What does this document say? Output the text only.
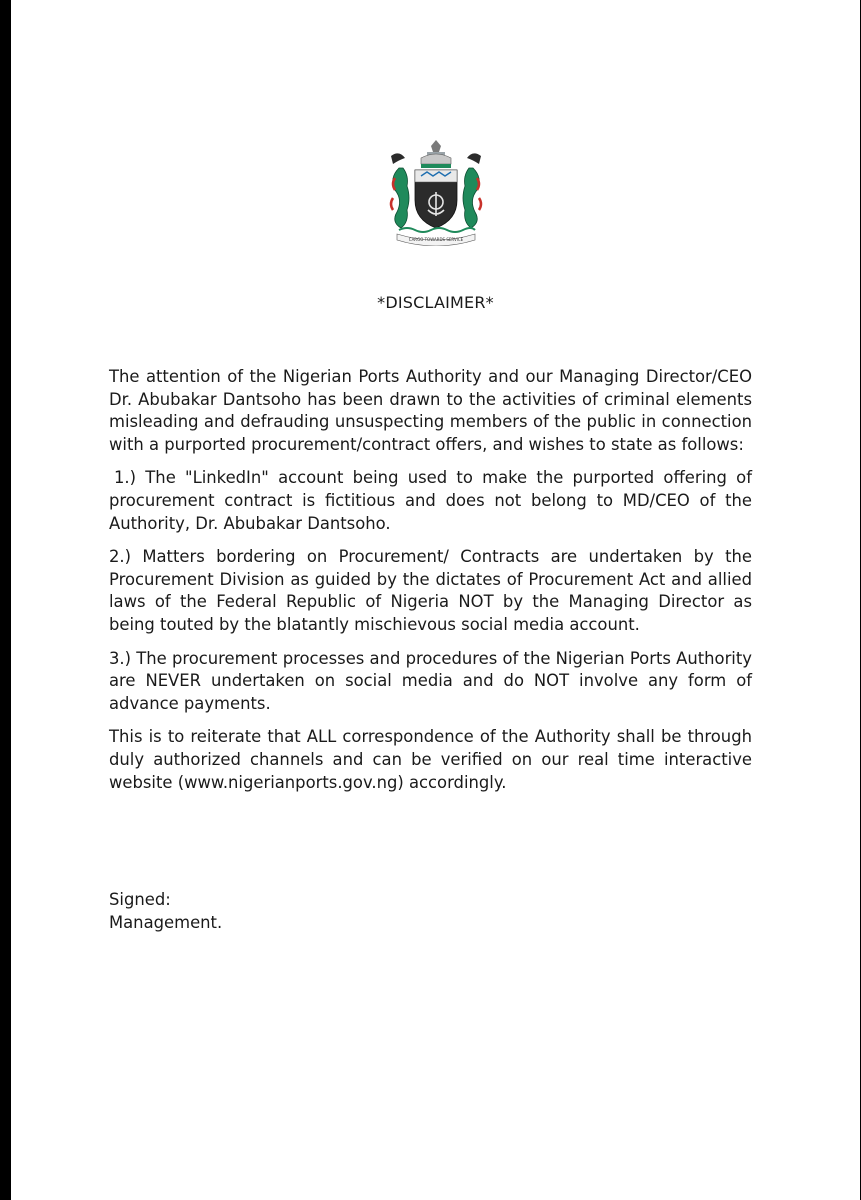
CARGO TOWARDS SERVICE
*DISCLAIMER*

The attention of the Nigerian Ports Authority and our Managing Director/CEO Dr. Abubakar Dantsoho has been drawn to the activities of criminal elements misleading and defrauding unsuspecting members of the public in connection with a purported procurement/contract offers, and wishes to state as follows:

1.) The "LinkedIn" account being used to make the purported offering of procurement contract is fictitious and does not belong to MD/CEO of the Authority, Dr. Abubakar Dantsoho.

2.) Matters bordering on Procurement/ Contracts are undertaken by the Procurement Division as guided by the dictates of Procurement Act and allied laws of the Federal Republic of Nigeria NOT by the Managing Director as being touted by the blatantly mischievous social media account.

3.) The procurement processes and procedures of the Nigerian Ports Authority are NEVER undertaken on social media and do NOT involve any form of advance payments.

This is to reiterate that ALL correspondence of the Authority shall be through duly authorized channels and can be verified on our real time interactive website (www.nigerianports.gov.ng) accordingly.

Signed:
Management.
